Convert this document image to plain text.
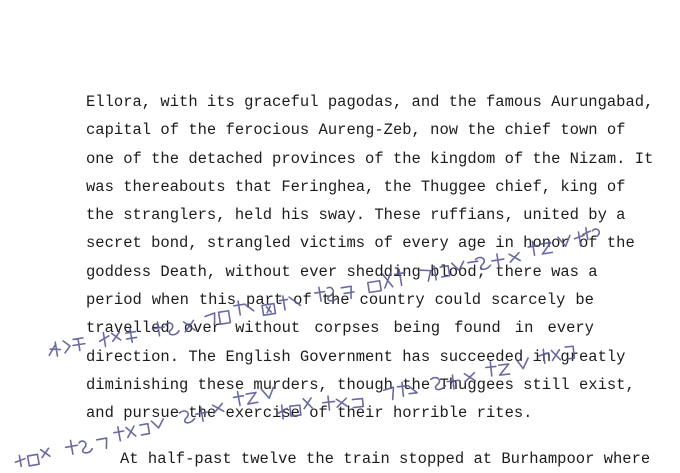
Ellora, with its graceful pagodas, and the famous Aurungabad,
capital of the ferocious Aureng-Zeb, now the chief town of
one of the detached provinces of the kingdom of the Nizam. It
was thereabouts that Feringhea, the Thuggee chief, king of
the stranglers, held his sway. These ruffians, united by a
secret bond, strangled victims of every age in honor of the
goddess Death, without ever shedding blood; there was a
period when this part of the country could scarcely be
travelled over without corpses being found in every
direction. The English Government has succeeded in greatly
diminishing these murders, though the Thuggees still exist,
and pursue the exercise of their horrible rites.
At half-past twelve the train stopped at Burhampoor where
